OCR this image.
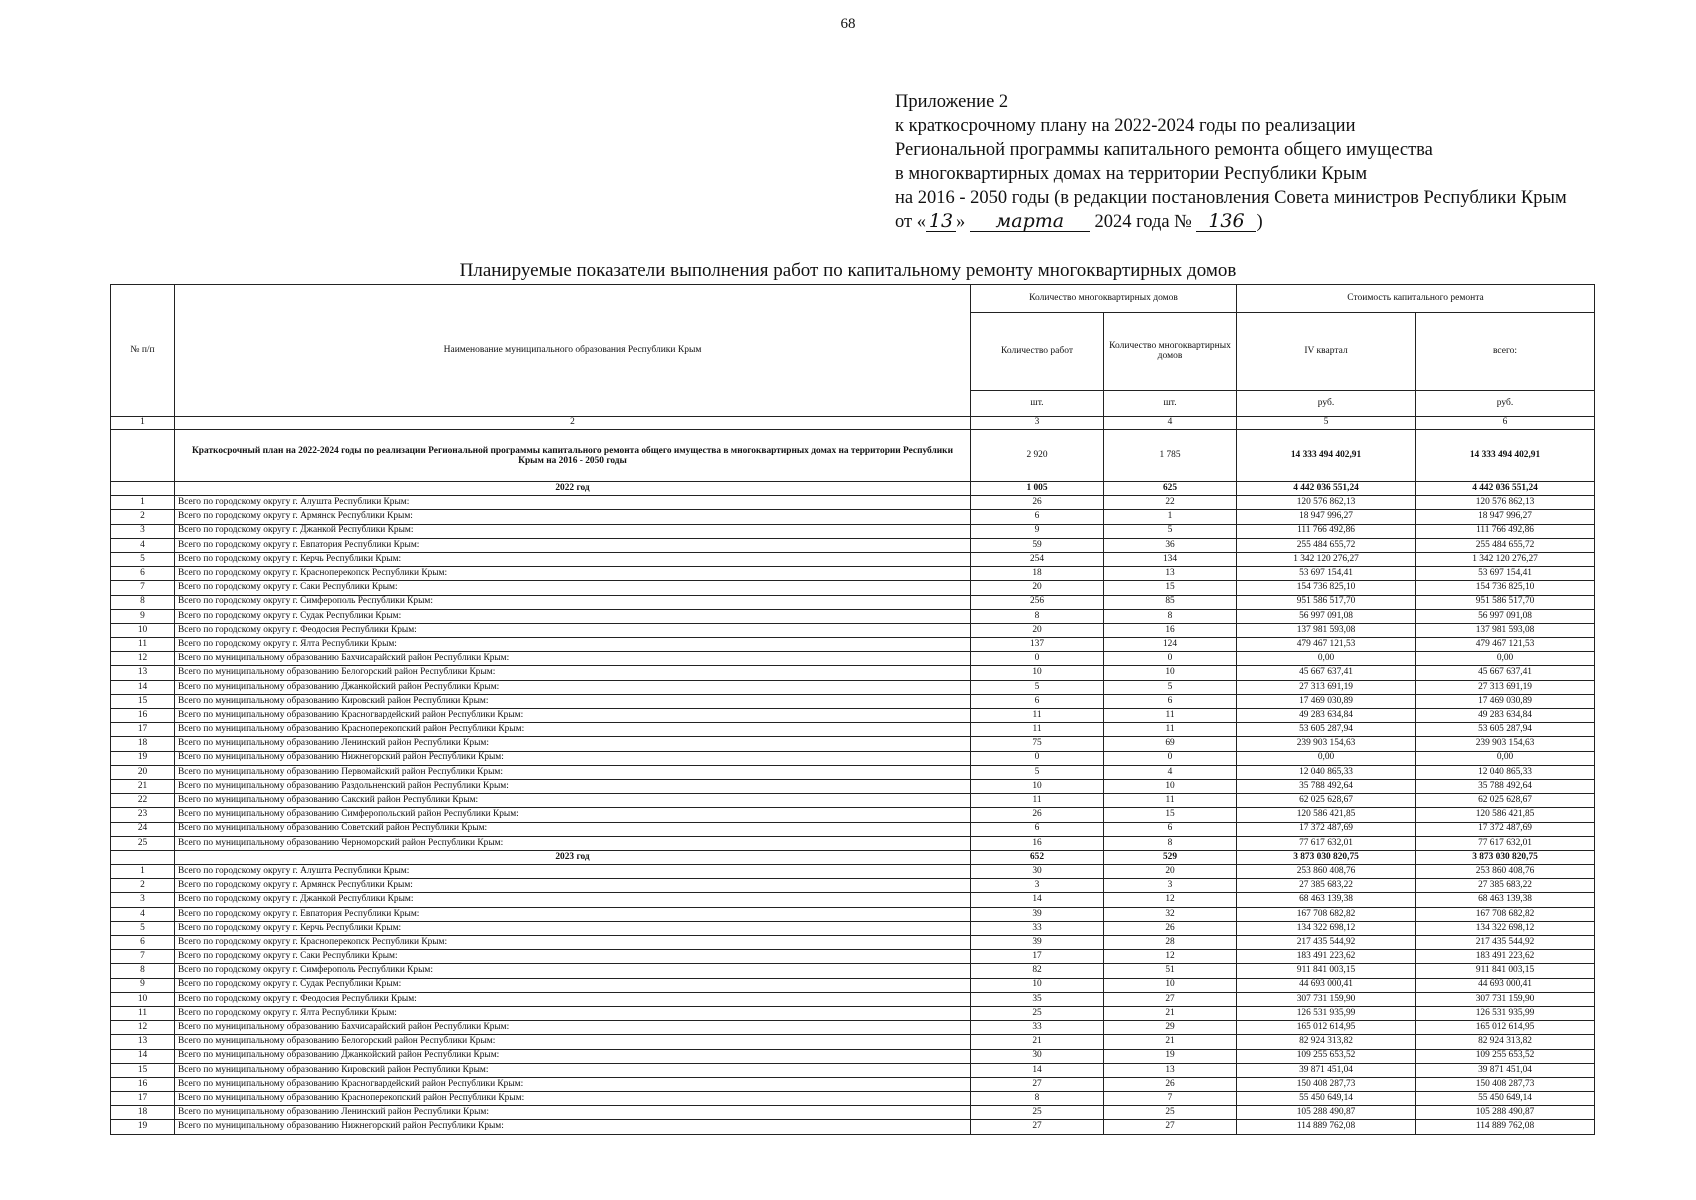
68
Приложение 2
к краткосрочному плану на 2022-2024 годы по реализации
Региональной программы капитального ремонта общего имущества
в многоквартирных домах на территории Республики Крым
на 2016 - 2050 годы (в редакции постановления Совета министров Республики Крым
от « 13 » марта 2024 года № 136 )
Планируемые показатели выполнения работ по капитальному ремонту многоквартирных домов
№ п/п	Наименование муниципального образования Республики Крым	Количество многоквартирных домов		Стоимость капитального ремонта	
		Количество работ	Количество многоквартирных домов	IV квартал	всего:
		шт.	шт.	руб.	руб.
1	2	3	4	5	6
	Краткосрочный план на 2022-2024 годы по реализации Региональной программы капитального ремонта общего имущества в многоквартирных домах на территории Республики Крым на 2016 - 2050 годы	2 920	1 785	14 333 494 402,91	14 333 494 402,91
	2022 год	1 005	625	4 442 036 551,24	4 442 036 551,24
1	Всего по городскому округу г. Алушта Республики Крым:	26	22	120 576 862,13	120 576 862,13
2	Всего по городскому округу г. Армянск Республики Крым:	6	1	18 947 996,27	18 947 996,27
3	Всего по городскому округу г. Джанкой Республики Крым:	9	5	111 766 492,86	111 766 492,86
4	Всего по городскому округу г. Евпатория Республики Крым:	59	36	255 484 655,72	255 484 655,72
5	Всего по городскому округу г. Керчь Республики Крым:	254	134	1 342 120 276,27	1 342 120 276,27
6	Всего по городскому округу г. Красноперекопск Республики Крым:	18	13	53 697 154,41	53 697 154,41
7	Всего по городскому округу г. Саки Республики Крым:	20	15	154 736 825,10	154 736 825,10
8	Всего по городскому округу г. Симферополь Республики Крым:	256	85	951 586 517,70	951 586 517,70
9	Всего по городскому округу г. Судак Республики Крым:	8	8	56 997 091,08	56 997 091,08
10	Всего по городскому округу г. Феодосия Республики Крым:	20	16	137 981 593,08	137 981 593,08
11	Всего по городскому округу г. Ялта Республики Крым:	137	124	479 467 121,53	479 467 121,53
12	Всего по муниципальному образованию Бахчисарайский район Республики Крым:	0	0	0,00	0,00
13	Всего по муниципальному образованию Белогорский район Республики Крым:	10	10	45 667 637,41	45 667 637,41
14	Всего по муниципальному образованию Джанкойский район Республики Крым:	5	5	27 313 691,19	27 313 691,19
15	Всего по муниципальному образованию Кировский район Республики Крым:	6	6	17 469 030,89	17 469 030,89
16	Всего по муниципальному образованию Красногвардейский район Республики Крым:	11	11	49 283 634,84	49 283 634,84
17	Всего по муниципальному образованию Красноперекопский район Республики Крым:	11	11	53 605 287,94	53 605 287,94
18	Всего по муниципальному образованию Ленинский район Республики Крым:	75	69	239 903 154,63	239 903 154,63
19	Всего по муниципальному образованию Нижнегорский район Республики Крым:	0	0	0,00	0,00
20	Всего по муниципальному образованию Первомайский район Республики Крым:	5	4	12 040 865,33	12 040 865,33
21	Всего по муниципальному образованию Раздольненский район Республики Крым:	10	10	35 788 492,64	35 788 492,64
22	Всего по муниципальному образованию Сакский район Республики Крым:	11	11	62 025 628,67	62 025 628,67
23	Всего по муниципальному образованию Симферопольский район Республики Крым:	26	15	120 586 421,85	120 586 421,85
24	Всего по муниципальному образованию Советский район Республики Крым:	6	6	17 372 487,69	17 372 487,69
25	Всего по муниципальному образованию Черноморский район Республики Крым:	16	8	77 617 632,01	77 617 632,01
	2023 год	652	529	3 873 030 820,75	3 873 030 820,75
1	Всего по городскому округу г. Алушта Республики Крым:	30	20	253 860 408,76	253 860 408,76
2	Всего по городскому округу г. Армянск Республики Крым:	3	3	27 385 683,22	27 385 683,22
3	Всего по городскому округу г. Джанкой Республики Крым:	14	12	68 463 139,38	68 463 139,38
4	Всего по городскому округу г. Евпатория Республики Крым:	39	32	167 708 682,82	167 708 682,82
5	Всего по городскому округу г. Керчь Республики Крым:	33	26	134 322 698,12	134 322 698,12
6	Всего по городскому округу г. Красноперекопск Республики Крым:	39	28	217 435 544,92	217 435 544,92
7	Всего по городскому округу г. Саки Республики Крым:	17	12	183 491 223,62	183 491 223,62
8	Всего по городскому округу г. Симферополь Республики Крым:	82	51	911 841 003,15	911 841 003,15
9	Всего по городскому округу г. Судак Республики Крым:	10	10	44 693 000,41	44 693 000,41
10	Всего по городскому округу г. Феодосия Республики Крым:	35	27	307 731 159,90	307 731 159,90
11	Всего по городскому округу г. Ялта Республики Крым:	25	21	126 531 935,99	126 531 935,99
12	Всего по муниципальному образованию Бахчисарайский район Республики Крым:	33	29	165 012 614,95	165 012 614,95
13	Всего по муниципальному образованию Белогорский район Республики Крым:	21	21	82 924 313,82	82 924 313,82
14	Всего по муниципальному образованию Джанкойский район Республики Крым:	30	19	109 255 653,52	109 255 653,52
15	Всего по муниципальному образованию Кировский район Республики Крым:	14	13	39 871 451,04	39 871 451,04
16	Всего по муниципальному образованию Красногвардейский район Республики Крым:	27	26	150 408 287,73	150 408 287,73
17	Всего по муниципальному образованию Красноперекопский район Республики Крым:	8	7	55 450 649,14	55 450 649,14
18	Всего по муниципальному образованию Ленинский район Республики Крым:	25	25	105 288 490,87	105 288 490,87
19	Всего по муниципальному образованию Нижнегорский район Республики Крым:	27	27	114 889 762,08	114 889 762,08
